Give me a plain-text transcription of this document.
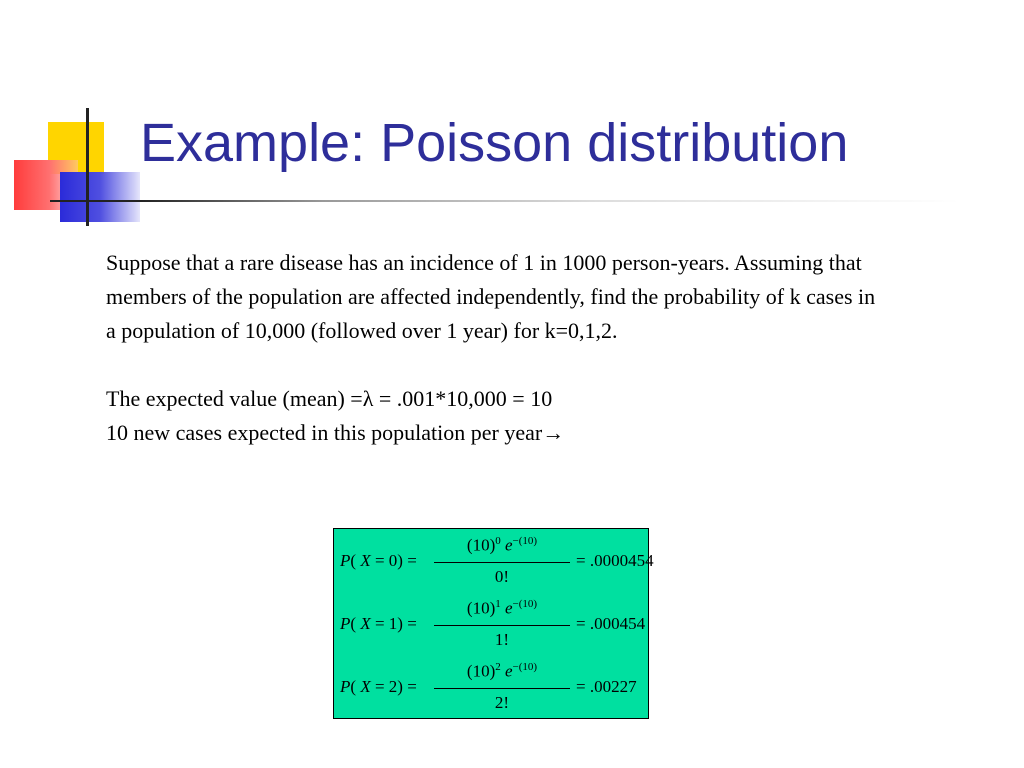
Example: Poisson distribution

Suppose that a rare disease has an incidence of 1 in 1000 person-years. Assuming that members of the population are affected independently, find the probability of k cases in a population of 10,000 (followed over 1 year) for k=0,1,2.

The expected value (mean) =λ = .001*10,000 = 10

10 new cases expected in this population per year→

P( X = 0) =
$(10)^0$ $e^{-(10)}$
0!
= .0000454
P( X = 1) =
$(10)^1$ $e^{-(10)}$
1!
= .000454
P( X = 2) =
$(10)^2$ $e^{-(10)}$
2!
= .00227
